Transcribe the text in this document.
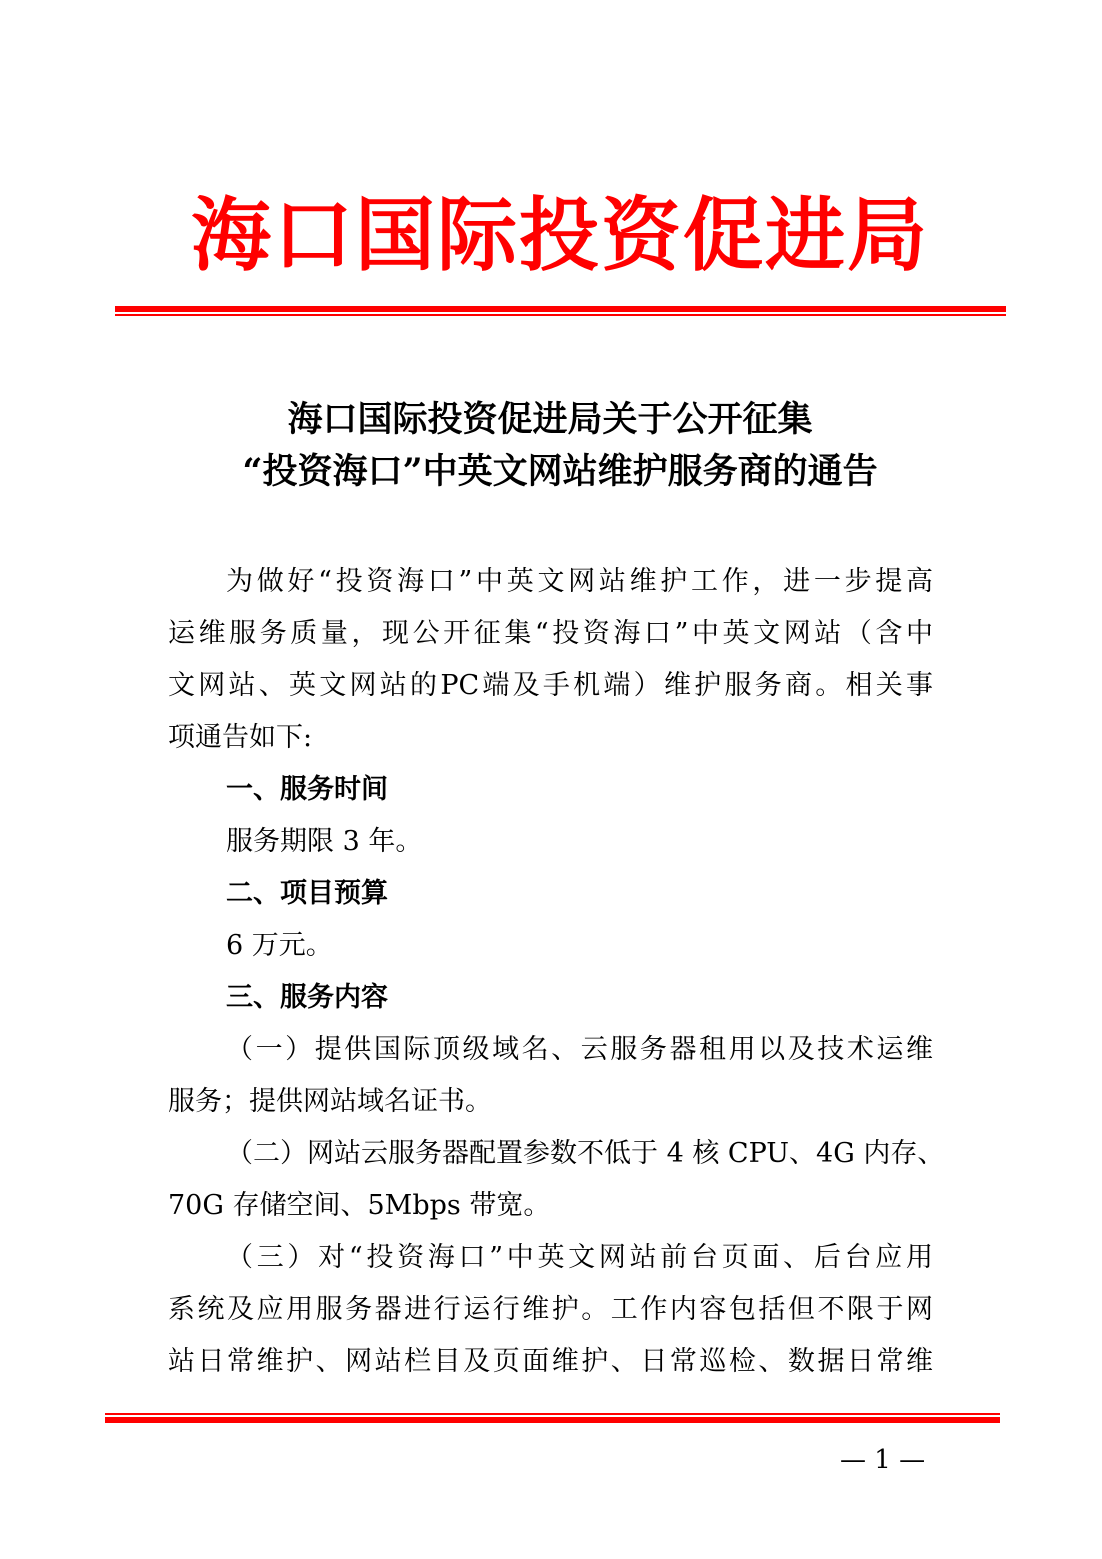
海口国际投资促进局
海口国际投资促进局关于公开征集
“投资海口”中英文网站维护服务商的通告
为做好“投资海口”中英文网站维护工作，进一步提高
运维服务质量，现公开征集“投资海口”中英文网站（含中
文网站、英文网站的PC端及手机端）维护服务商。相关事
项通告如下:
一、服务时间
服务期限 3 年。
二、项目预算
6 万元。
三、服务内容
（一）提供国际顶级域名、云服务器租用以及技术运维
服务；提供网站域名证书。
（二）网站云服务器配置参数不低于 4 核 CPU、4G 内存、
70G 存储空间、5Mbps 带宽。
（三）对“投资海口”中英文网站前台页面、后台应用
系统及应用服务器进行运行维护。工作内容包括但不限于网
站日常维护、网站栏目及页面维护、日常巡检、数据日常维
— 1 —
